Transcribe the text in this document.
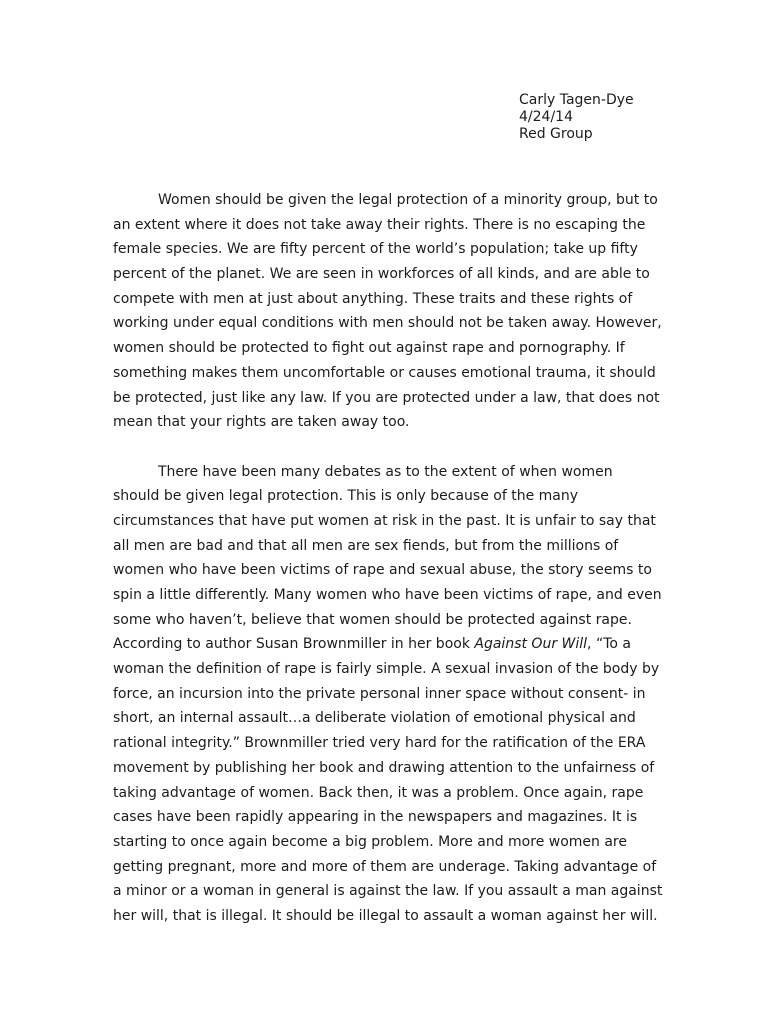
Carly Tagen-Dye
4/24/14
Red Group
Women should be given the legal protection of a minority group, but to
an extent where it does not take away their rights. There is no escaping the
female species. We are fifty percent of the world’s population; take up fifty
percent of the planet. We are seen in workforces of all kinds, and are able to
compete with men at just about anything. These traits and these rights of
working under equal conditions with men should not be taken away. However,
women should be protected to fight out against rape and pornography. If
something makes them uncomfortable or causes emotional trauma, it should
be protected, just like any law. If you are protected under a law, that does not
mean that your rights are taken away too.
There have been many debates as to the extent of when women
should be given legal protection. This is only because of the many
circumstances that have put women at risk in the past. It is unfair to say that
all men are bad and that all men are sex fiends, but from the millions of
women who have been victims of rape and sexual abuse, the story seems to
spin a little differently. Many women who have been victims of rape, and even
some who haven’t, believe that women should be protected against rape.
According to author Susan Brownmiller in her book Against Our Will, “To a
woman the definition of rape is fairly simple. A sexual invasion of the body by
force, an incursion into the private personal inner space without consent- in
short, an internal assault…a deliberate violation of emotional physical and
rational integrity.” Brownmiller tried very hard for the ratification of the ERA
movement by publishing her book and drawing attention to the unfairness of
taking advantage of women. Back then, it was a problem. Once again, rape
cases have been rapidly appearing in the newspapers and magazines. It is
starting to once again become a big problem. More and more women are
getting pregnant, more and more of them are underage. Taking advantage of
a minor or a woman in general is against the law. If you assault a man against
her will, that is illegal. It should be illegal to assault a woman against her will.
